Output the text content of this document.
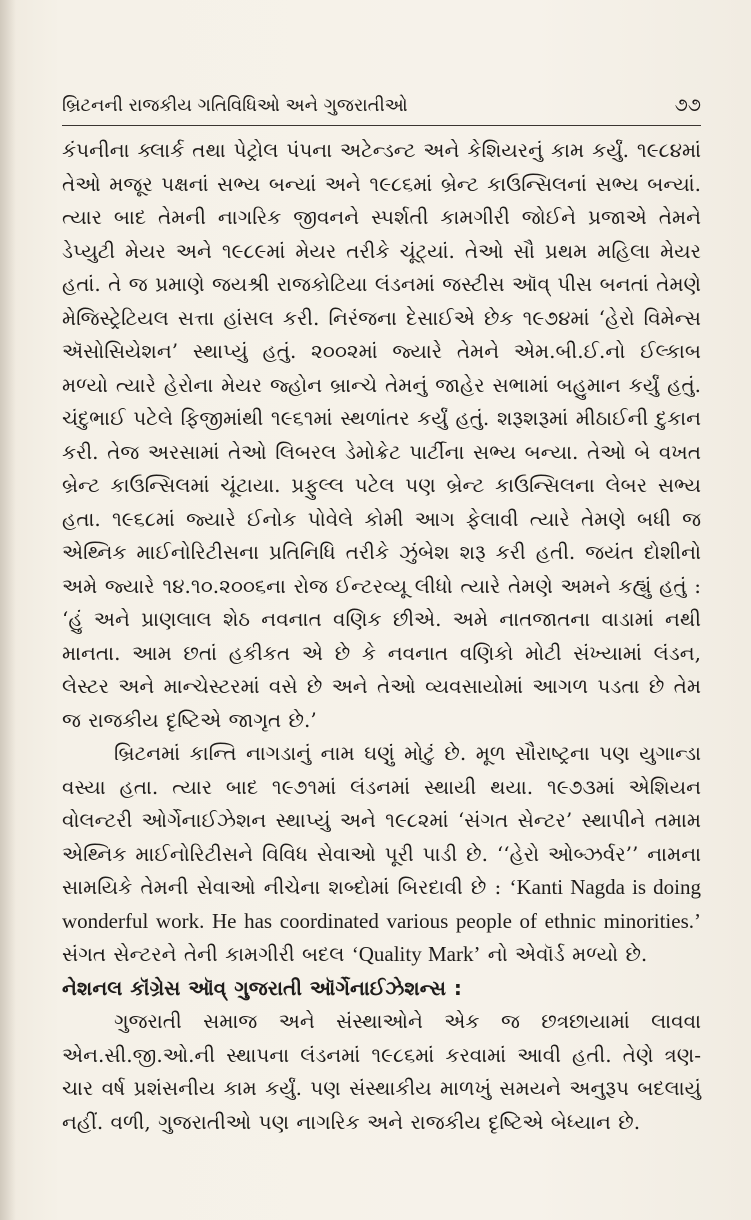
બ્રિટનની રાજકીય ગતિવિધિઓ અને ગુજરાતીઓ	૭૭

કંપનીના ક્લાર્ક તથા પેટ્રોલ પંપના અટેન્ડન્ટ અને કેશિયરનું કામ કર્યું. ૧૯૮૪માં તેઓ મજૂર પક્ષનાં સભ્ય બન્યાં અને ૧૯૮૬માં બ્રેન્ટ કાઉન્સિલનાં સભ્ય બન્યાં. ત્યાર બાદ તેમની નાગરિક જીવનને સ્પર્શતી કામગીરી જોઈને પ્રજાએ તેમને ડેપ્યુટી મેયર અને ૧૯૮૯માં મેયર તરીકે ચૂંટ્યાં. તેઓ સૌ પ્રથમ મહિલા મેયર હતાં. તે જ પ્રમાણે જયશ્રી રાજકોટિયા લંડનમાં જસ્ટીસ ઑવ્ પીસ બનતાં તેમણે મેજિસ્ટ્રેટિયલ સત્તા હાંસલ કરી. નિરંજના દેસાઈએ છેક ૧૯૭૪માં ‘હેરો વિમેન્સ ઍસોસિયેશન’ સ્થાપ્યું હતું. ૨૦૦૨માં જ્યારે તેમને એમ.બી.ઈ.નો ઈલ્કાબ મળ્યો ત્યારે હેરોના મેયર જ્હોન બ્રાન્ચે તેમનું જાહેર સભામાં બહુમાન કર્યું હતું. ચંદુભાઈ પટેલે ફિજીમાંથી ૧૯૬૧માં સ્થળાંતર કર્યું હતું. શરૂશરૂમાં મીઠાઈની દુકાન કરી. તેજ અરસામાં તેઓ લિબરલ ડેમોક્રેટ પાર્ટીના સભ્ય બન્યા. તેઓ બે વખત બ્રેન્ટ કાઉન્સિલમાં ચૂંટાયા. પ્રફુલ્લ પટેલ પણ બ્રેન્ટ કાઉન્સિલના લેબર સભ્ય હતા. ૧૯૬૮માં જ્યારે ઈનોક પોવેલે કોમી આગ ફેલાવી ત્યારે તેમણે બધી જ એથ્નિક માઈનોરિટીસના પ્રતિનિધિ તરીકે ઝુંબેશ શરૂ કરી હતી. જયંત દોશીનો અમે જ્યારે ૧૪.૧૦.૨૦૦૬ના રોજ ઈન્ટરવ્યૂ લીધો ત્યારે તેમણે અમને કહ્યું હતું : ‘હું અને પ્રાણલાલ શેઠ નવનાત વણિક છીએ. અમે નાતજાતના વાડામાં નથી માનતા. આમ છતાં હકીકત એ છે કે નવનાત વણિકો મોટી સંખ્યામાં લંડન, લેસ્ટર અને માન્ચેસ્ટરમાં વસે છે અને તેઓ વ્યવસાયોમાં આગળ પડતા છે તેમ જ રાજકીય દૃષ્ટિએ જાગૃત છે.’

બ્રિટનમાં કાન્તિ નાગડાનું નામ ઘણું મોટું છે. મૂળ સૌરાષ્ટ્રના પણ યુગાન્ડા વસ્યા હતા. ત્યાર બાદ ૧૯૭૧માં લંડનમાં સ્થાયી થયા. ૧૯૭૩માં એશિયન વોલન્ટરી ઓર્ગેનાઈઝેશન સ્થાપ્યું અને ૧૯૮૨માં ‘સંગત સેન્ટર’ સ્થાપીને તમામ એથ્નિક માઈનોરિટીસને વિવિધ સેવાઓ પૂરી પાડી છે. ‘‘હેરો ઓબ્ઝર્વર’’ નામના સામયિકે તેમની સેવાઓ નીચેના શબ્દોમાં બિરદાવી છે : ‘Kanti Nagda is doing wonderful work. He has coordinated various people of ethnic minorities.’ સંગત સેન્ટરને તેની કામગીરી બદલ ‘Quality Mark’ નો એવૉર્ડ મળ્યો છે.

નેશનલ કૉંગ્રેસ ઑવ્ ગુજરાતી ઑર્ગેનાઈઝેશન્સ :

ગુજરાતી સમાજ અને સંસ્થાઓને એક જ છત્રછાયામાં લાવવા એન.સી.જી.ઓ.ની સ્થાપના લંડનમાં ૧૯૮૬માં કરવામાં આવી હતી. તેણે ત્રણ-ચાર વર્ષ પ્રશંસનીય કામ કર્યું. પણ સંસ્થાકીય માળખું સમયને અનુરૂપ બદલાયું નહીં. વળી, ગુજરાતીઓ પણ નાગરિક અને રાજકીય દૃષ્ટિએ બેધ્યાન છે.
